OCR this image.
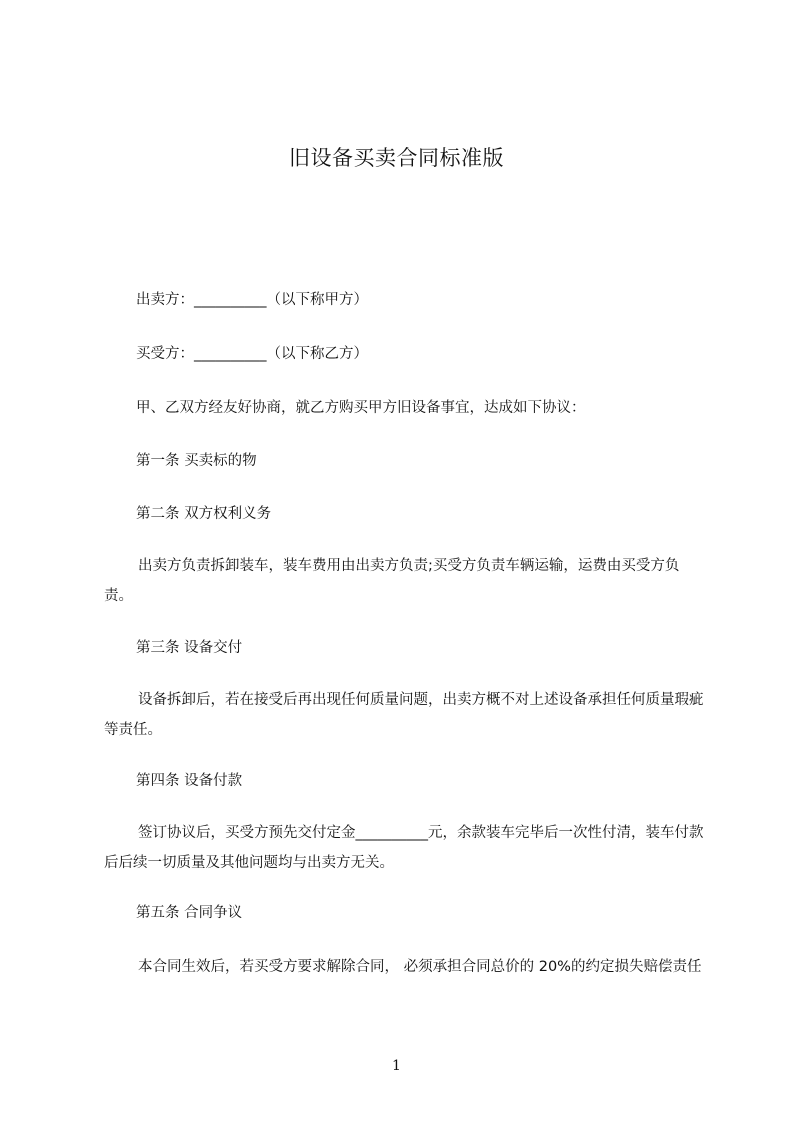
旧设备买卖合同标准版
出卖方：__________（以下称甲方）
买受方：__________（以下称乙方）
甲、乙双方经友好协商，就乙方购买甲方旧设备事宜，达成如下协议：
第一条 买卖标的物
第二条 双方权利义务
出卖方负责拆卸装车，装车费用由出卖方负责;买受方负责车辆运输，运费由买受方负责。
第三条 设备交付
设备拆卸后，若在接受后再出现任何质量问题，出卖方概不对上述设备承担任何质量瑕疵等责任。
第四条 设备付款
签订协议后，买受方预先交付定金__________元，余款装车完毕后一次性付清，装车付款后后续一切质量及其他问题均与出卖方无关。
第五条 合同争议
本合同生效后，若买受方要求解除合同， 必须承担合同总价的 20%的约定损失赔偿责任
1
